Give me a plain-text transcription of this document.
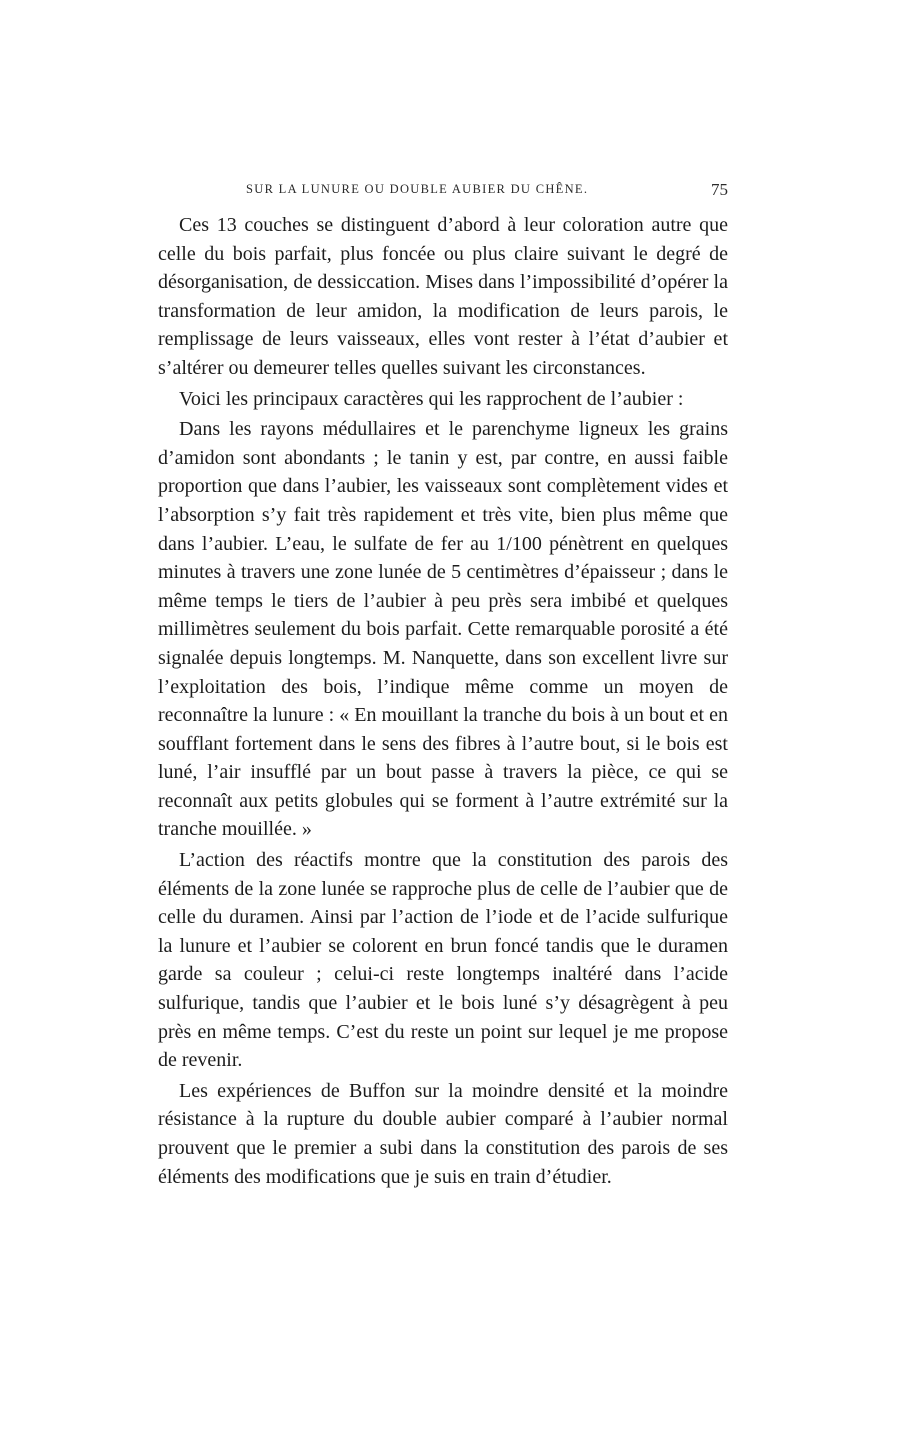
SUR LA LUNURE OU DOUBLE AUBIER DU CHÊNE.	75

Ces 13 couches se distinguent d’abord à leur coloration autre que celle du bois parfait, plus foncée ou plus claire suivant le degré de désorganisation, de dessiccation. Mises dans l’impossibilité d’opérer la transformation de leur amidon, la modification de leurs parois, le remplissage de leurs vaisseaux, elles vont rester à l’état d’aubier et s’altérer ou demeurer telles quelles suivant les circonstances.

Voici les principaux caractères qui les rapprochent de l’aubier :

Dans les rayons médullaires et le parenchyme ligneux les grains d’amidon sont abondants ; le tanin y est, par contre, en aussi faible proportion que dans l’aubier, les vaisseaux sont complètement vides et l’absorption s’y fait très rapidement et très vite, bien plus même que dans l’aubier. L’eau, le sulfate de fer au 1/100 pénètrent en quelques minutes à travers une zone lunée de 5 centimètres d’épaisseur ; dans le même temps le tiers de l’aubier à peu près sera imbibé et quelques millimètres seulement du bois parfait. Cette remarquable porosité a été signalée depuis longtemps. M. Nanquette, dans son excellent livre sur l’exploitation des bois, l’indique même comme un moyen de reconnaître la lunure : « En mouillant la tranche du bois à un bout et en soufflant fortement dans le sens des fibres à l’autre bout, si le bois est luné, l’air insufflé par un bout passe à travers la pièce, ce qui se reconnaît aux petits globules qui se forment à l’autre extrémité sur la tranche mouillée. »

L’action des réactifs montre que la constitution des parois des éléments de la zone lunée se rapproche plus de celle de l’aubier que de celle du duramen. Ainsi par l’action de l’iode et de l’acide sulfurique la lunure et l’aubier se colorent en brun foncé tandis que le duramen garde sa couleur ; celui-ci reste longtemps inaltéré dans l’acide sulfurique, tandis que l’aubier et le bois luné s’y désagrègent à peu près en même temps. C’est du reste un point sur lequel je me propose de revenir.

Les expériences de Buffon sur la moindre densité et la moindre résistance à la rupture du double aubier comparé à l’aubier normal prouvent que le premier a subi dans la constitution des parois de ses éléments des modifications que je suis en train d’étudier.
